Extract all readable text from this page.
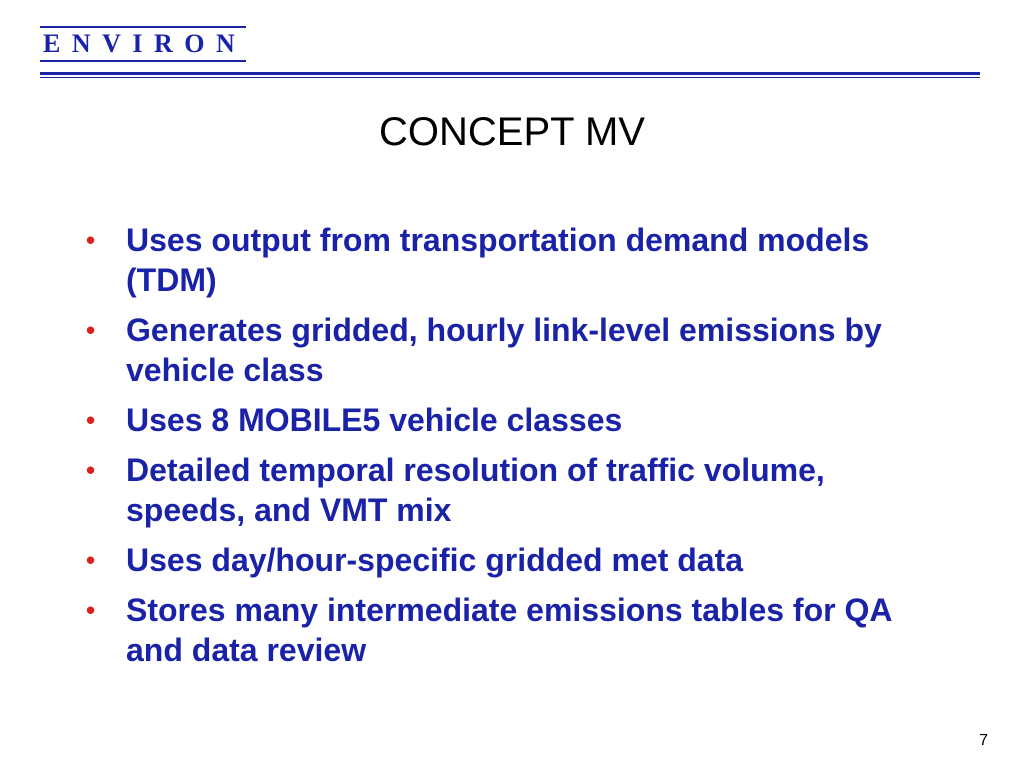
ENVIRON
CONCEPT MV
• Uses output from transportation demand models (TDM)
• Generates gridded, hourly link-level emissions by vehicle class
• Uses 8 MOBILE5 vehicle classes
• Detailed temporal resolution of traffic volume, speeds, and VMT mix
• Uses day/hour-specific gridded met data
• Stores many intermediate emissions tables for QA and data review
7
